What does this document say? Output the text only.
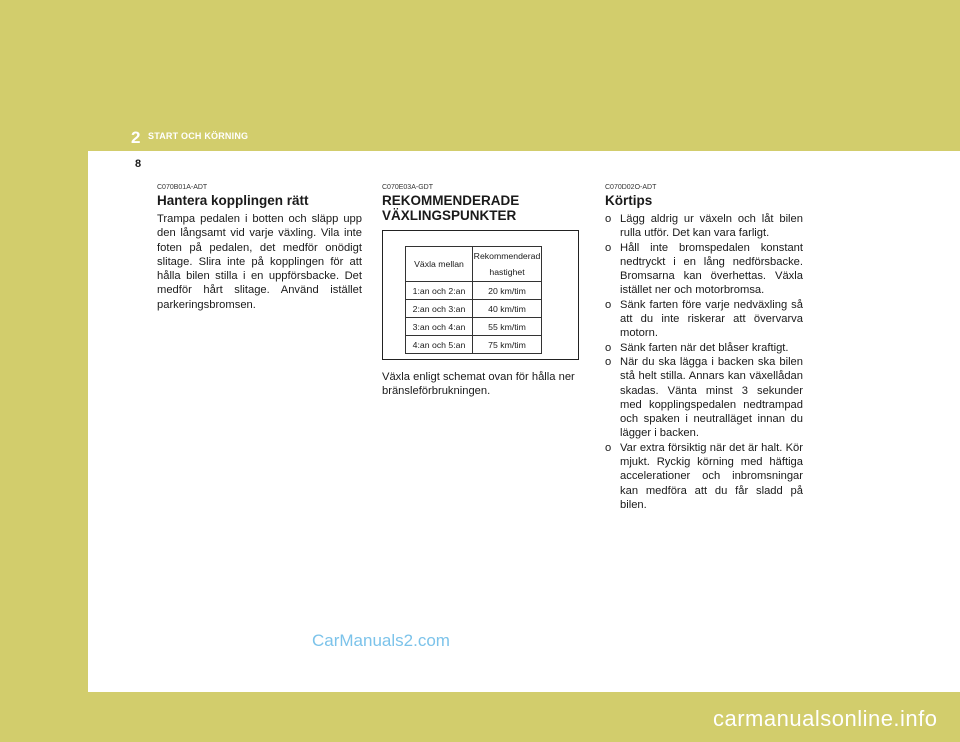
2 START OCH KÖRNING
8
C070B01A-ADT
Hantera kopplingen rätt
Trampa pedalen i botten och släpp upp den långsamt vid varje växling. Vila inte foten på pedalen, det medför onödigt slitage. Slira inte på kopplingen för att hålla bilen stilla i en uppförsbacke. Det medför hårt slitage. Använd istället parkeringsbromsen.
C070E03A-GDT
REKOMMENDERADE
VÄXLINGSPUNKTER
Växla mellan	Rekommenderad
hastighet

1:an och 2:an	20 km/tim
2:an och 3:an	40 km/tim
3:an och 4:an	55 km/tim
4:an och 5:an	75 km/tim
Växla enligt schemat ovan för hålla ner bränsleförbrukningen.
C070D02O-ADT
Körtips
o Lägg aldrig ur växeln och låt bilen rulla utför. Det kan vara farligt.
o Håll inte bromspedalen konstant nedtryckt i en lång nedförsbacke. Bromsarna kan överhettas. Växla istället ner och motorbromsa.
o Sänk farten före varje nedväxling så att du inte riskerar att övervarva motorn.
o Sänk farten när det blåser kraftigt.
o När du ska lägga i backen ska bilen stå helt stilla. Annars kan växellådan skadas. Vänta minst 3 sekunder med kopplingspedalen nedtrampad och spaken i neutralläget innan du lägger i backen.
o Var extra försiktig när det är halt. Kör mjukt. Ryckig körning med häftiga accelerationer och inbromsningar kan medföra att du får sladd på bilen.
CarManuals2.com
carmanualsonline.info
